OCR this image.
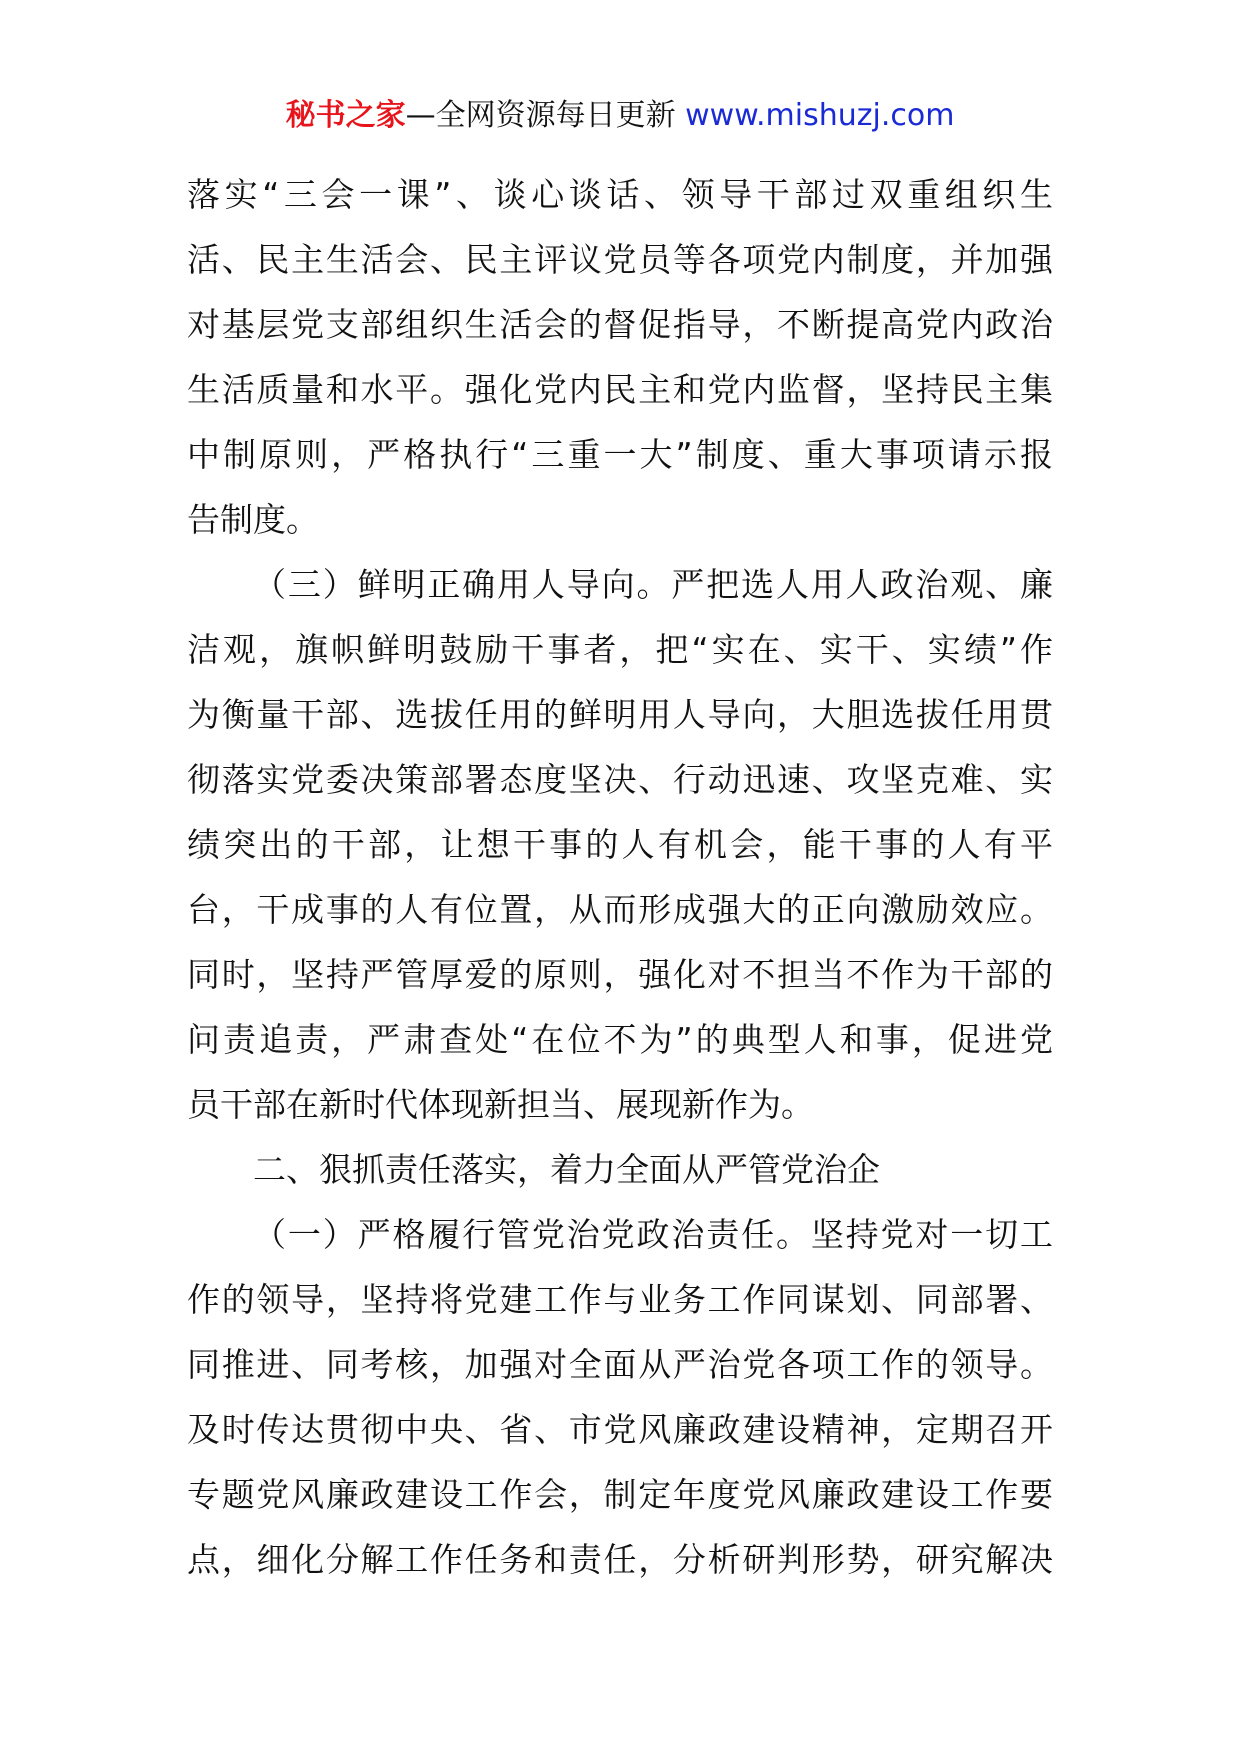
秘书之家—全网资源每日更新 www.mishuzj.com
落实“三会一课”、谈心谈话、领导干部过双重组织生
活、民主生活会、民主评议党员等各项党内制度，并加强
对基层党支部组织生活会的督促指导，不断提高党内政治
生活质量和水平。强化党内民主和党内监督，坚持民主集
中制原则，严格执行“三重一大”制度、重大事项请示报
告制度。
（三）鲜明正确用人导向。严把选人用人政治观、廉
洁观，旗帜鲜明鼓励干事者，把“实在、实干、实绩”作
为衡量干部、选拔任用的鲜明用人导向，大胆选拔任用贯
彻落实党委决策部署态度坚决、行动迅速、攻坚克难、实
绩突出的干部，让想干事的人有机会，能干事的人有平
台，干成事的人有位置，从而形成强大的正向激励效应。
同时，坚持严管厚爱的原则，强化对不担当不作为干部的
问责追责，严肃查处“在位不为”的典型人和事，促进党
员干部在新时代体现新担当、展现新作为。
二、狠抓责任落实，着力全面从严管党治企
（一）严格履行管党治党政治责任。坚持党对一切工
作的领导，坚持将党建工作与业务工作同谋划、同部署、
同推进、同考核，加强对全面从严治党各项工作的领导。
及时传达贯彻中央、省、市党风廉政建设精神，定期召开
专题党风廉政建设工作会，制定年度党风廉政建设工作要
点，细化分解工作任务和责任，分析研判形势，研究解决
